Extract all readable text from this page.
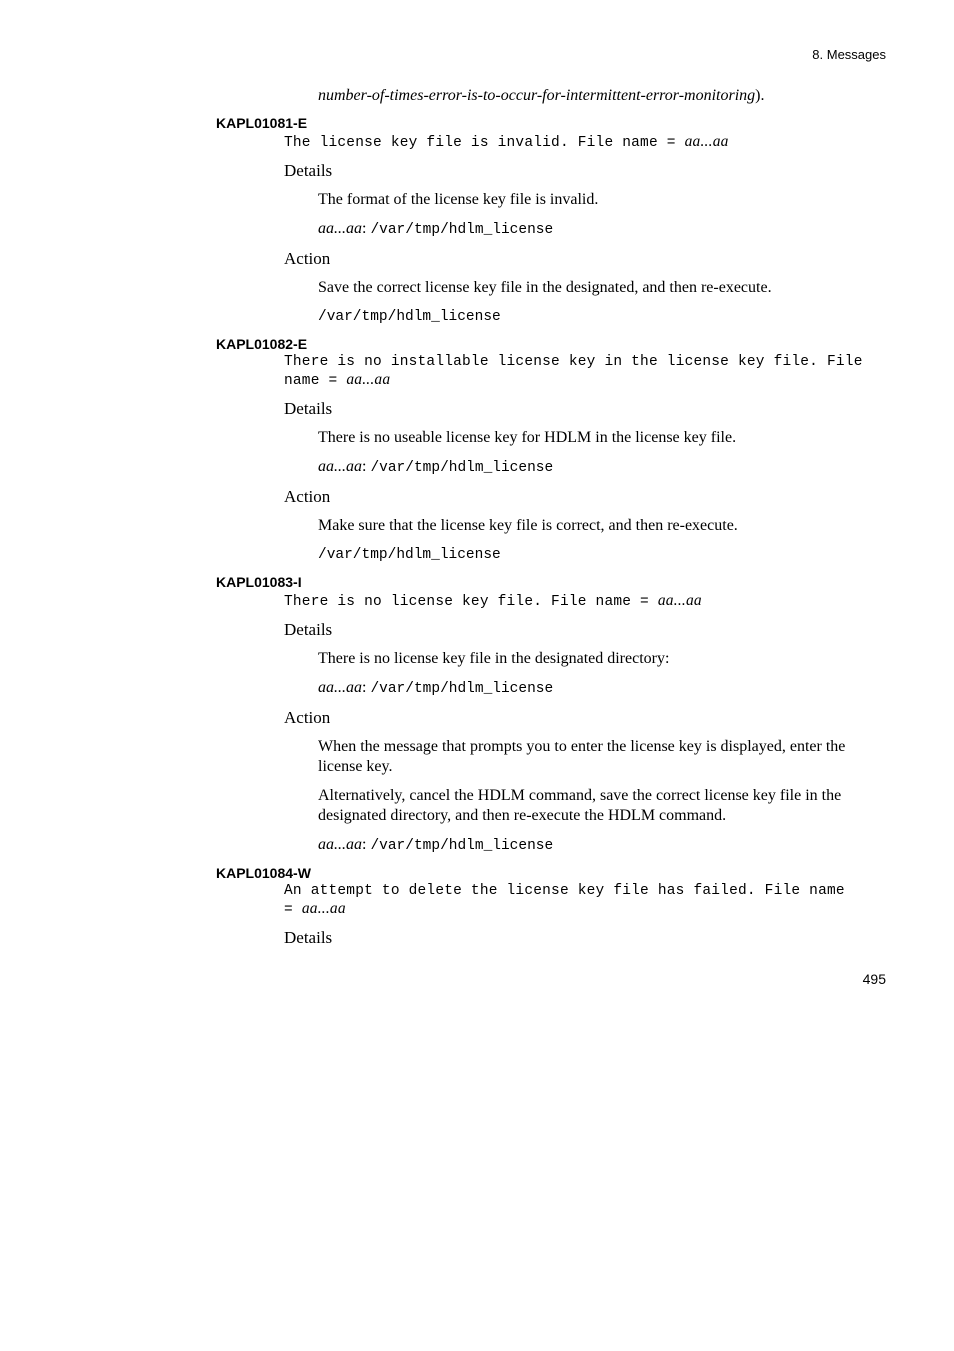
8. Messages
number-of-times-error-is-to-occur-for-intermittent-error-monitoring).
KAPL01081-E
The license key file is invalid. File name = aa...aa
Details
The format of the license key file is invalid.
aa...aa: /var/tmp/hdlm_license
Action
Save the correct license key file in the designated, and then re-execute.
/var/tmp/hdlm_license
KAPL01082-E
There is no installable license key in the license key file. File
name = aa...aa
Details
There is no useable license key for HDLM in the license key file.
aa...aa: /var/tmp/hdlm_license
Action
Make sure that the license key file is correct, and then re-execute.
/var/tmp/hdlm_license
KAPL01083-I
There is no license key file. File name = aa...aa
Details
There is no license key file in the designated directory:
aa...aa: /var/tmp/hdlm_license
Action
When the message that prompts you to enter the license key is displayed, enter the license key.
Alternatively, cancel the HDLM command, save the correct license key file in the designated directory, and then re-execute the HDLM command.
aa...aa: /var/tmp/hdlm_license
KAPL01084-W
An attempt to delete the license key file has failed. File name
= aa...aa
Details
495
